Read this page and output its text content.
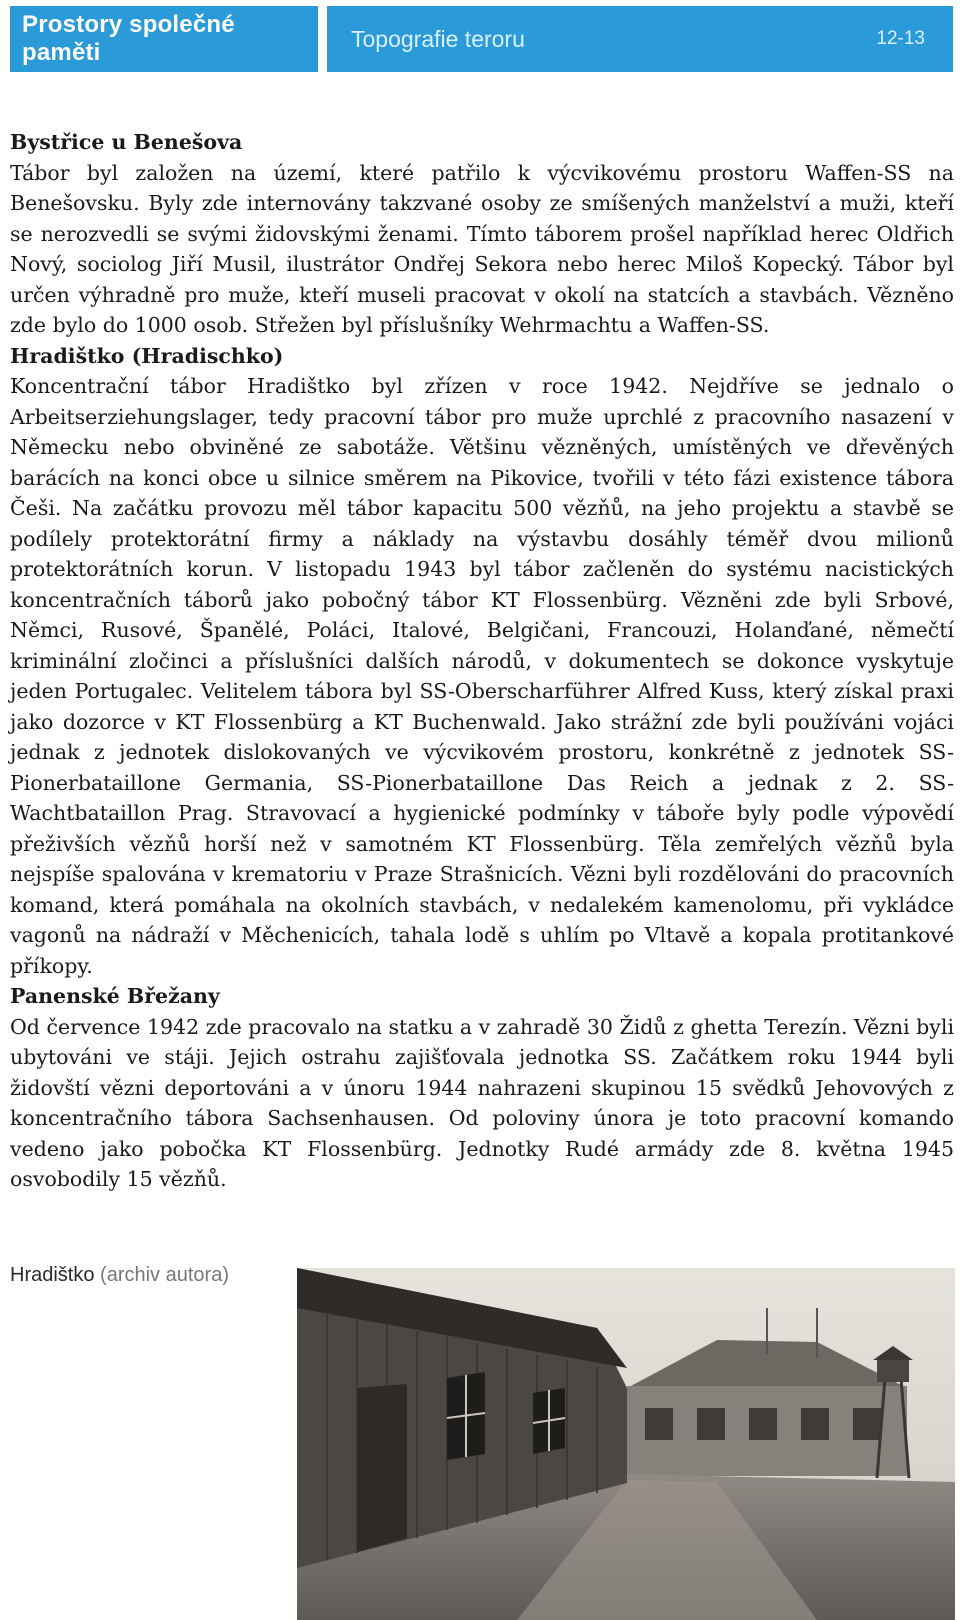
Prostory společné paměti
Topografie teroru	12-13
Bystřice u Benešova

Tábor byl založen na území, které patřilo k výcvikovému prostoru Waffen-SS na Benešovsku. Byly zde internovány takzvané osoby ze smíšených manželství a muži, kteří se nerozvedli se svými židovskými ženami. Tímto táborem prošel například herec Oldřich Nový, sociolog Jiří Musil, ilustrátor Ondřej Sekora nebo herec Miloš Kopecký. Tábor byl určen výhradně pro muže, kteří museli pracovat v okolí na statcích a stavbách. Vězněno zde bylo do 1000 osob. Střežen byl příslušníky Wehrmachtu a Waffen-SS.

Hradištko (Hradischko)

Koncentrační tábor Hradištko byl zřízen v roce 1942. Nejdříve se jednalo o Arbeitserziehungslager, tedy pracovní tábor pro muže uprchlé z pracovního nasazení v Německu nebo obviněné ze sabotáže. Většinu vězněných, umístěných ve dřevěných barácích na konci obce u silnice směrem na Pikovice, tvořili v této fázi existence tábora Češi. Na začátku provozu měl tábor kapacitu 500 vězňů, na jeho projektu a stavbě se podílely protektorátní firmy a náklady na výstavbu dosáhly téměř dvou milionů protektorátních korun. V listopadu 1943 byl tábor začleněn do systému nacistických koncentračních táborů jako pobočný tábor KT Flossenbürg. Vězněni zde byli Srbové, Němci, Rusové, Španělé, Poláci, Italové, Belgičani, Francouzi, Holanďané, němečtí kriminální zločinci a příslušníci dalších národů, v dokumentech se dokonce vyskytuje jeden Portugalec. Velitelem tábora byl SS-Oberscharführer Alfred Kuss, který získal praxi jako dozorce v KT Flossenbürg a KT Buchenwald. Jako strážní zde byli používáni vojáci jednak z jednotek dislokovaných ve výcvikovém prostoru, konkrétně z jednotek SS-Pionerbataillone Germania, SS-Pionerbataillone Das Reich a jednak z 2. SS-Wachtbataillon Prag. Stravovací a hygienické podmínky v táboře byly podle výpovědí přeživších vězňů horší než v samotném KT Flossenbürg. Těla zemřelých vězňů byla nejspíše spalována v krematoriu v Praze Strašnicích. Vězni byli rozdělováni do pracovních komand, která pomáhala na okolních stavbách, v nedalekém kamenolomu, při vykládce vagonů na nádraží v Měchenicích, tahala lodě s uhlím po Vltavě a kopala protitankové příkopy.

Panenské Břežany

Od července 1942 zde pracovalo na statku a v zahradě 30 Židů z ghetta Terezín. Vězni byli ubytováni ve stáji. Jejich ostrahu zajišťovala jednotka SS. Začátkem roku 1944 byli židovští vězni deportováni a v únoru 1944 nahrazeni skupinou 15 svědků Jehovových z koncentračního tábora Sachsenhausen. Od poloviny února je toto pracovní komando vedeno jako pobočka KT Flossenbürg. Jednotky Rudé armády zde 8. května 1945 osvobodily 15 vězňů.

Hradištko (archiv autora)
